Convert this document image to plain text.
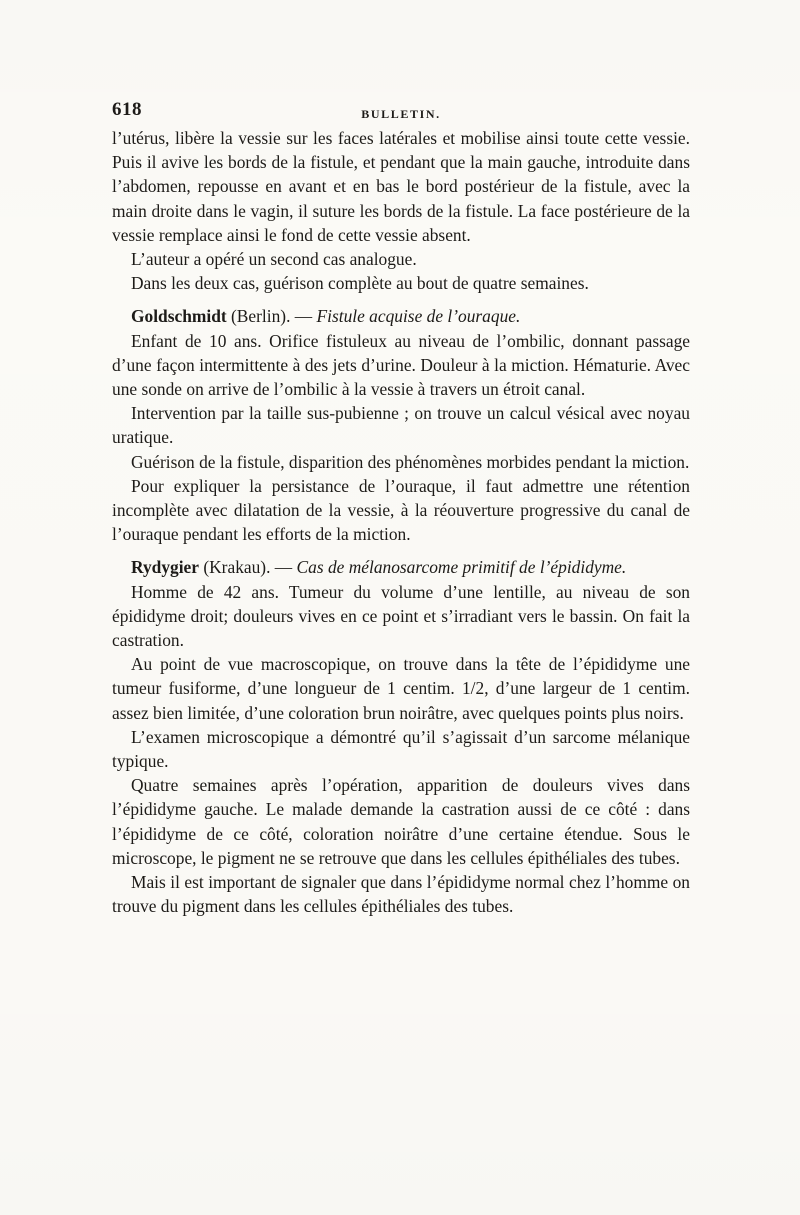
618	BULLETIN.

l’utérus, libère la vessie sur les faces latérales et mobilise ainsi toute cette vessie. Puis il avive les bords de la fistule, et pendant que la main gauche, introduite dans l’abdomen, repousse en avant et en bas le bord postérieur de la fistule, avec la main droite dans le vagin, il suture les bords de la fistule. La face postérieure de la vessie remplace ainsi le fond de cette vessie absent.

L’auteur a opéré un second cas analogue.

Dans les deux cas, guérison complète au bout de quatre semaines.

Goldschmidt (Berlin). — Fistule acquise de l’ouraque.

Enfant de 10 ans. Orifice fistuleux au niveau de l’ombilic, donnant passage d’une façon intermittente à des jets d’urine. Douleur à la miction. Hématurie. Avec une sonde on arrive de l’ombilic à la vessie à travers un étroit canal.

Intervention par la taille sus-pubienne ; on trouve un calcul vésical avec noyau uratique.

Guérison de la fistule, disparition des phénomènes morbides pendant la miction.

Pour expliquer la persistance de l’ouraque, il faut admettre une rétention incomplète avec dilatation de la vessie, à la réouverture progressive du canal de l’ouraque pendant les efforts de la miction.

Rydygier (Krakau). — Cas de mélanosarcome primitif de l’épididyme.

Homme de 42 ans. Tumeur du volume d’une lentille, au niveau de son épididyme droit; douleurs vives en ce point et s’irradiant vers le bassin. On fait la castration.

Au point de vue macroscopique, on trouve dans la tête de l’épididyme une tumeur fusiforme, d’une longueur de 1 centim. 1/2, d’une largeur de 1 centim. assez bien limitée, d’une coloration brun noirâtre, avec quelques points plus noirs.

L’examen microscopique a démontré qu’il s’agissait d’un sarcome mélanique typique.

Quatre semaines après l’opération, apparition de douleurs vives dans l’épididyme gauche. Le malade demande la castration aussi de ce côté : dans l’épididyme de ce côté, coloration noirâtre d’une certaine étendue. Sous le microscope, le pigment ne se retrouve que dans les cellules épithéliales des tubes.

Mais il est important de signaler que dans l’épididyme normal chez l’homme on trouve du pigment dans les cellules épithéliales des tubes.
